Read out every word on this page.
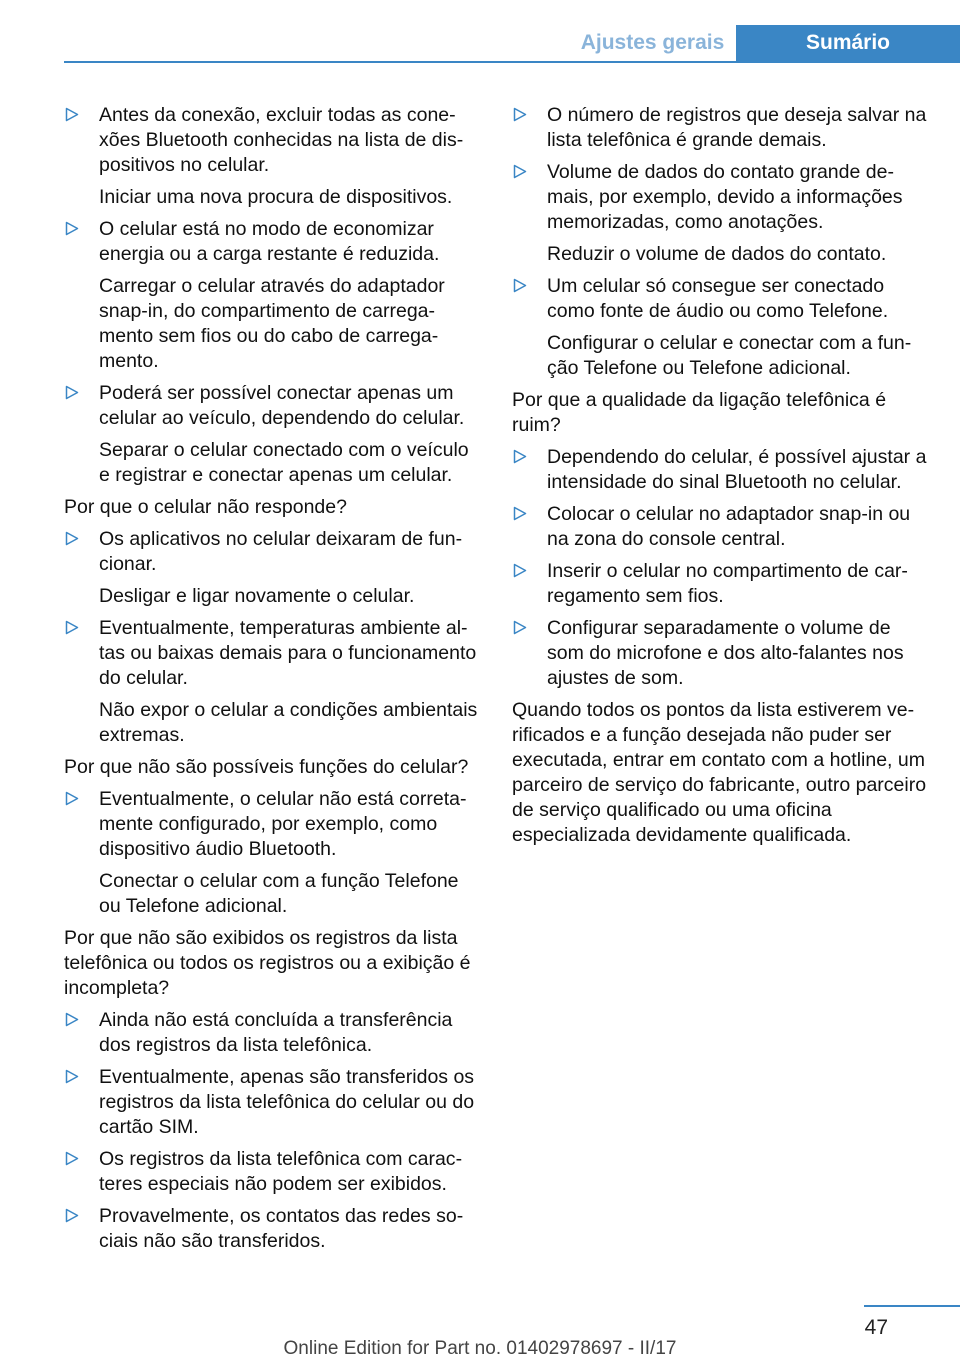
Ajustes gerais	Sumário

Antes da conexão, excluir todas as conexões Bluetooth conhecidas na lista de dispositivos no celular.

Iniciar uma nova procura de dispositivos.

O celular está no modo de economizar energia ou a carga restante é reduzida.

Carregar o celular através do adaptador snap-in, do compartimento de carregamento sem fios ou do cabo de carregamento.

Poderá ser possível conectar apenas um celular ao veículo, dependendo do celular.

Separar o celular conectado com o veículo e registrar e conectar apenas um celular.

Por que o celular não responde?

Os aplicativos no celular deixaram de funcionar.

Desligar e ligar novamente o celular.

Eventualmente, temperaturas ambiente altas ou baixas demais para o funcionamento do celular.

Não expor o celular a condições ambientais extremas.

Por que não são possíveis funções do celular?

Eventualmente, o celular não está corretamente configurado, por exemplo, como dispositivo áudio Bluetooth.

Conectar o celular com a função Telefone ou Telefone adicional.

Por que não são exibidos os registros da lista telefônica ou todos os registros ou a exibição é incompleta?

Ainda não está concluída a transferência dos registros da lista telefônica.

Eventualmente, apenas são transferidos os registros da lista telefônica do celular ou do cartão SIM.

Os registros da lista telefônica com caracteres especiais não podem ser exibidos.

Provavelmente, os contatos das redes sociais não são transferidos.

O número de registros que deseja salvar na lista telefônica é grande demais.

Volume de dados do contato grande demais, por exemplo, devido a informações memorizadas, como anotações.

Reduzir o volume de dados do contato.

Um celular só consegue ser conectado como fonte de áudio ou como Telefone.

Configurar o celular e conectar com a função Telefone ou Telefone adicional.

Por que a qualidade da ligação telefônica é ruim?

Dependendo do celular, é possível ajustar a intensidade do sinal Bluetooth no celular.

Colocar o celular no adaptador snap-in ou na zona do console central.

Inserir o celular no compartimento de carregamento sem fios.

Configurar separadamente o volume de som do microfone e dos alto-falantes nos ajustes de som.

Quando todos os pontos da lista estiverem verificados e a função desejada não puder ser executada, entrar em contato com a hotline, um parceiro de serviço do fabricante, outro parceiro de serviço qualificado ou uma oficina especializada devidamente qualificada.
47
Online Edition for Part no. 01402978697 - II/17
